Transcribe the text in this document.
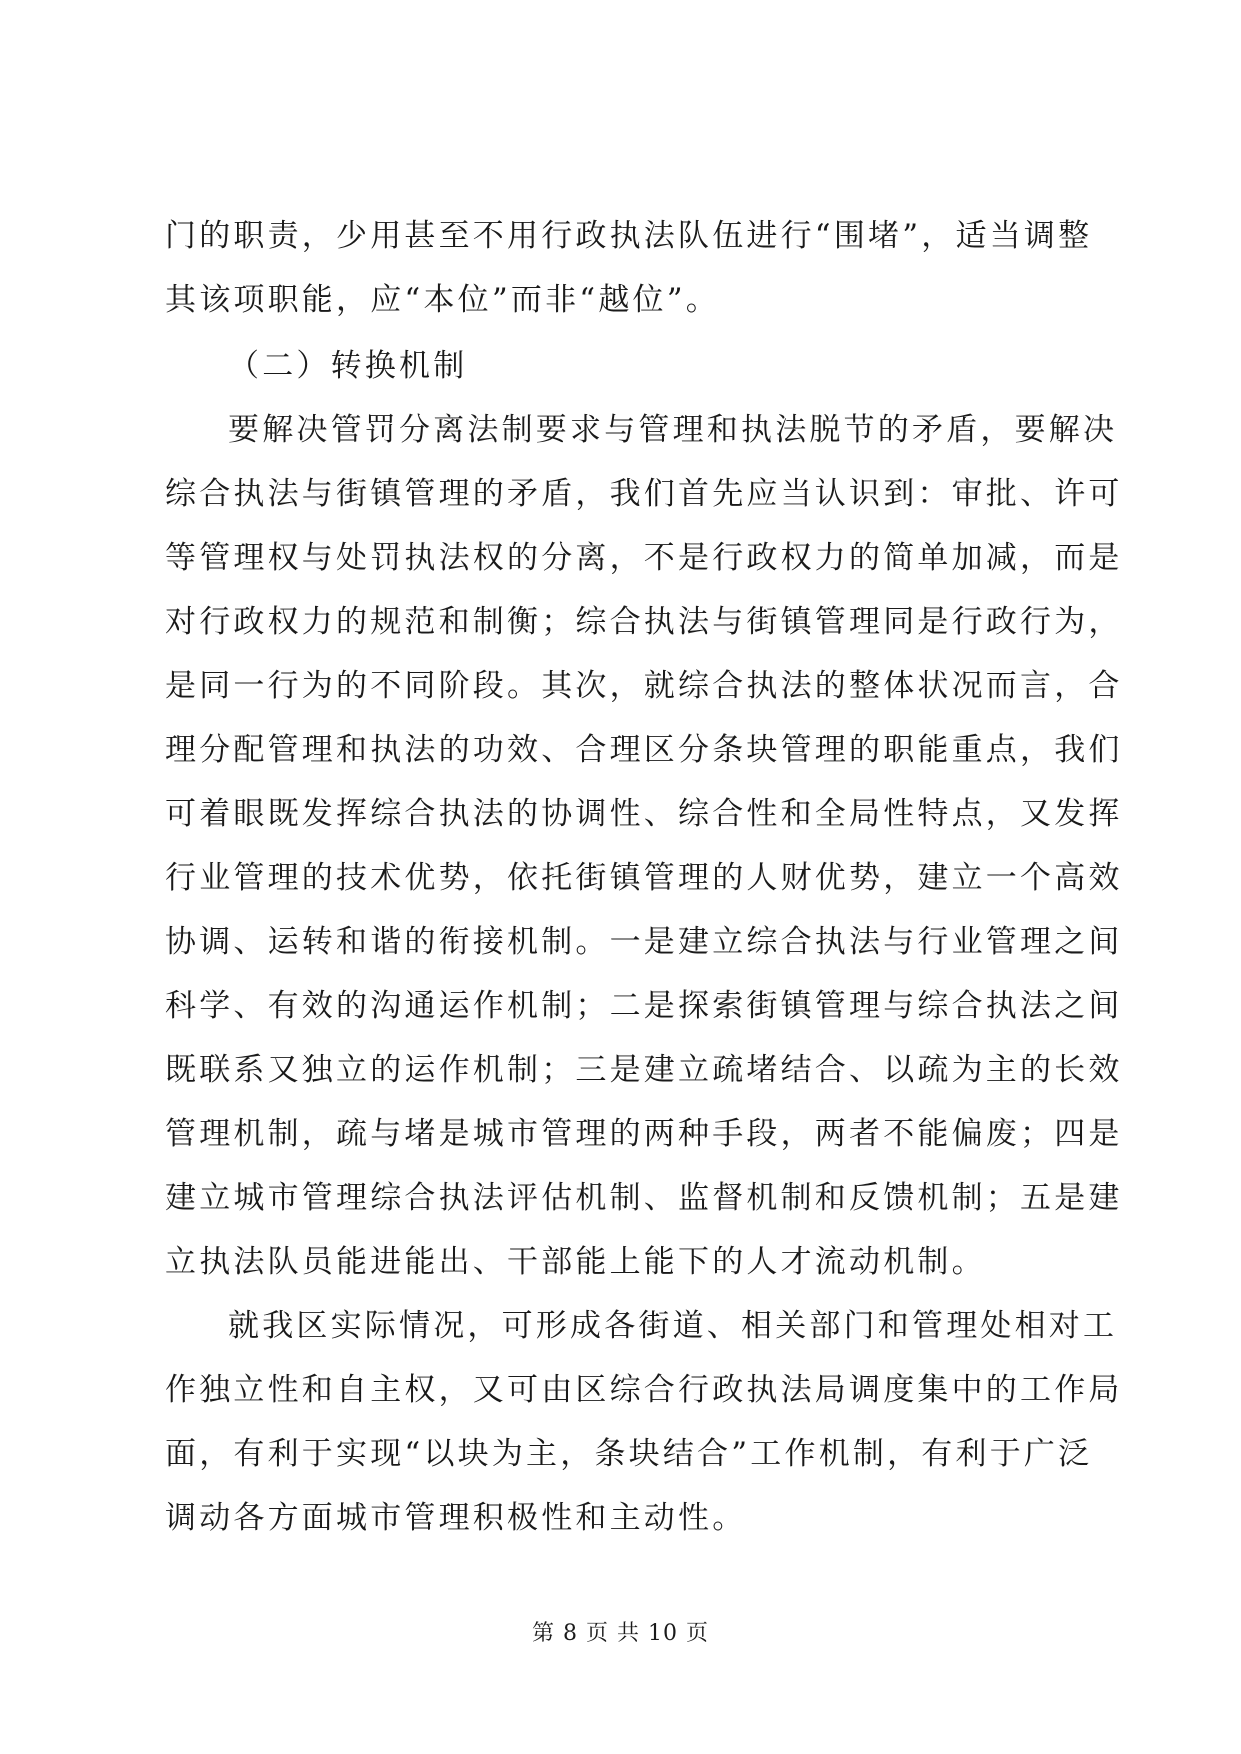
门的职责，少用甚至不用行政执法队伍进行“围堵”，适当调整
其该项职能，应“本位”而非“越位”。
（二）转换机制
要解决管罚分离法制要求与管理和执法脱节的矛盾，要解决
综合执法与街镇管理的矛盾，我们首先应当认识到：审批、许可
等管理权与处罚执法权的分离，不是行政权力的简单加减，而是
对行政权力的规范和制衡；综合执法与街镇管理同是行政行为，
是同一行为的不同阶段。其次，就综合执法的整体状况而言，合
理分配管理和执法的功效、合理区分条块管理的职能重点，我们
可着眼既发挥综合执法的协调性、综合性和全局性特点，又发挥
行业管理的技术优势，依托街镇管理的人财优势，建立一个高效
协调、运转和谐的衔接机制。一是建立综合执法与行业管理之间
科学、有效的沟通运作机制；二是探索街镇管理与综合执法之间
既联系又独立的运作机制；三是建立疏堵结合、以疏为主的长效
管理机制，疏与堵是城市管理的两种手段，两者不能偏废；四是
建立城市管理综合执法评估机制、监督机制和反馈机制；五是建
立执法队员能进能出、干部能上能下的人才流动机制。
就我区实际情况，可形成各街道、相关部门和管理处相对工
作独立性和自主权，又可由区综合行政执法局调度集中的工作局
面，有利于实现“以块为主，条块结合”工作机制，有利于广泛
调动各方面城市管理积极性和主动性。
第 8 页 共 10 页
